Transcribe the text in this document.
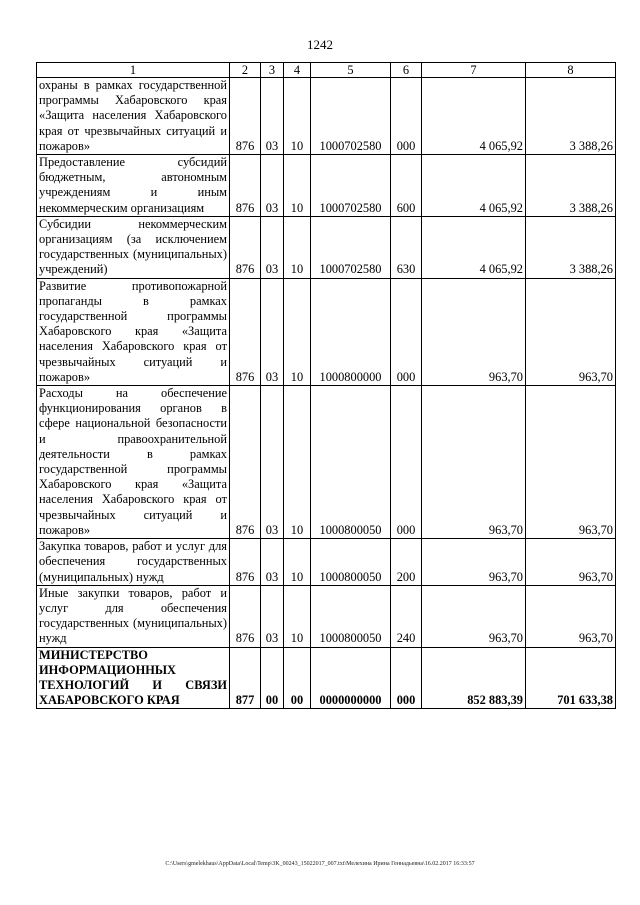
1242
1	2	3	4	5	6	7	8
охраны в рамках государственной программы Хабаровского края «Защита населения Хабаровского края от чрезвычайных ситуаций и пожаров»	876	03	10	1000702580	000	4 065,92	3 388,26
Предоставление субсидий бюджетным, автономным учреждениям и иным некоммерческим организациям	876	03	10	1000702580	600	4 065,92	3 388,26
Субсидии некоммерческим организациям (за исключением государственных (муниципальных) учреждений)	876	03	10	1000702580	630	4 065,92	3 388,26
Развитие противопожарной пропаганды в рамках государственной программы Хабаровского края «Защита населения Хабаровского края от чрезвычайных ситуаций и пожаров»	876	03	10	1000800000	000	963,70	963,70
Расходы на обеспечение функционирования органов в сфере национальной безопасности и правоохранительной деятельности в рамках государственной программы Хабаровского края «Защита населения Хабаровского края от чрезвычайных ситуаций и пожаров»	876	03	10	1000800050	000	963,70	963,70
Закупка товаров, работ и услуг для обеспечения государственных (муниципальных) нужд	876	03	10	1000800050	200	963,70	963,70
Иные закупки товаров, работ и услуг для обеспечения государственных (муниципальных) нужд	876	03	10	1000800050	240	963,70	963,70
МИНИСТЕРСТВО ИНФОРМАЦИОННЫХ ТЕХНОЛОГИЙ И СВЯЗИ ХАБАРОВСКОГО КРАЯ	877	00	00	0000000000	000	852 883,39	701 633,38
C:\Users\gmelekhaus\AppData\Local\Temp\3K_00243_15022017_007.txt\Мелехина Ирина Геннадьевна\16.02.2017 16:33:57
